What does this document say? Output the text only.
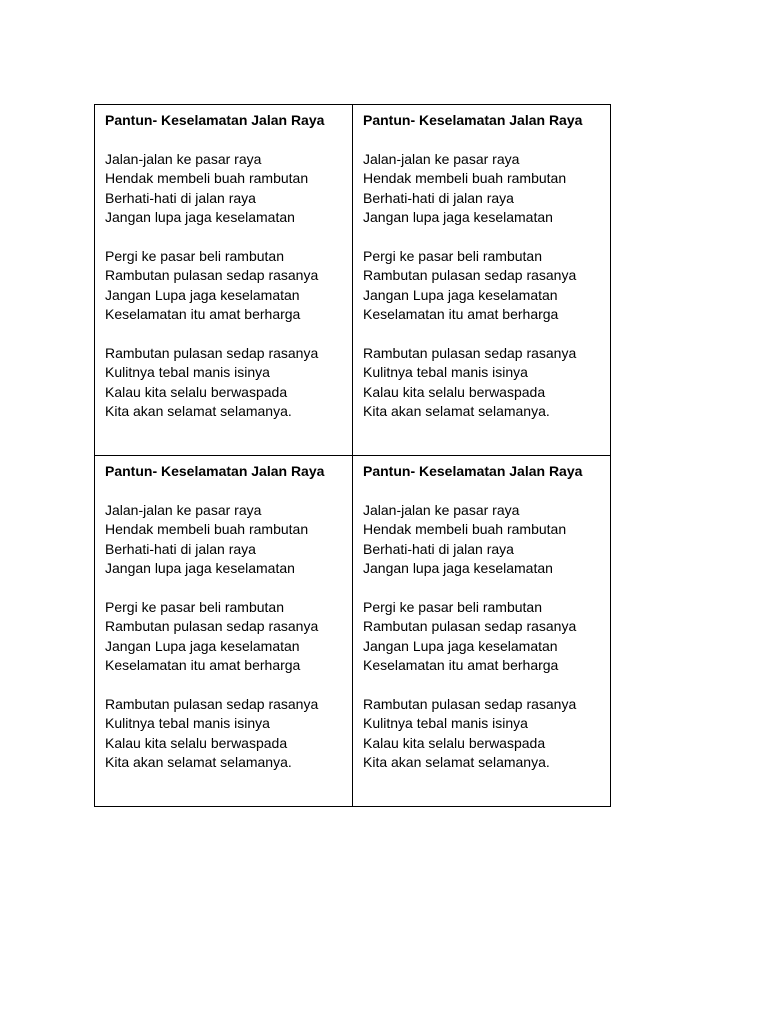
Pantun- Keselamatan Jalan Raya
Jalan-jalan ke pasar raya
Hendak membeli buah rambutan
Berhati-hati di jalan raya
Jangan lupa jaga keselamatan
Pergi ke pasar beli rambutan
Rambutan pulasan sedap rasanya
Jangan Lupa jaga keselamatan
Keselamatan itu amat berharga
Rambutan pulasan sedap rasanya
Kulitnya tebal manis isinya
Kalau kita selalu berwaspada
Kita akan selamat selamanya.
Pantun- Keselamatan Jalan Raya
Jalan-jalan ke pasar raya
Hendak membeli buah rambutan
Berhati-hati di jalan raya
Jangan lupa jaga keselamatan
Pergi ke pasar beli rambutan
Rambutan pulasan sedap rasanya
Jangan Lupa jaga keselamatan
Keselamatan itu amat berharga
Rambutan pulasan sedap rasanya
Kulitnya tebal manis isinya
Kalau kita selalu berwaspada
Kita akan selamat selamanya.
Pantun- Keselamatan Jalan Raya
Jalan-jalan ke pasar raya
Hendak membeli buah rambutan
Berhati-hati di jalan raya
Jangan lupa jaga keselamatan
Pergi ke pasar beli rambutan
Rambutan pulasan sedap rasanya
Jangan Lupa jaga keselamatan
Keselamatan itu amat berharga
Rambutan pulasan sedap rasanya
Kulitnya tebal manis isinya
Kalau kita selalu berwaspada
Kita akan selamat selamanya.
Pantun- Keselamatan Jalan Raya
Jalan-jalan ke pasar raya
Hendak membeli buah rambutan
Berhati-hati di jalan raya
Jangan lupa jaga keselamatan
Pergi ke pasar beli rambutan
Rambutan pulasan sedap rasanya
Jangan Lupa jaga keselamatan
Keselamatan itu amat berharga
Rambutan pulasan sedap rasanya
Kulitnya tebal manis isinya
Kalau kita selalu berwaspada
Kita akan selamat selamanya.
